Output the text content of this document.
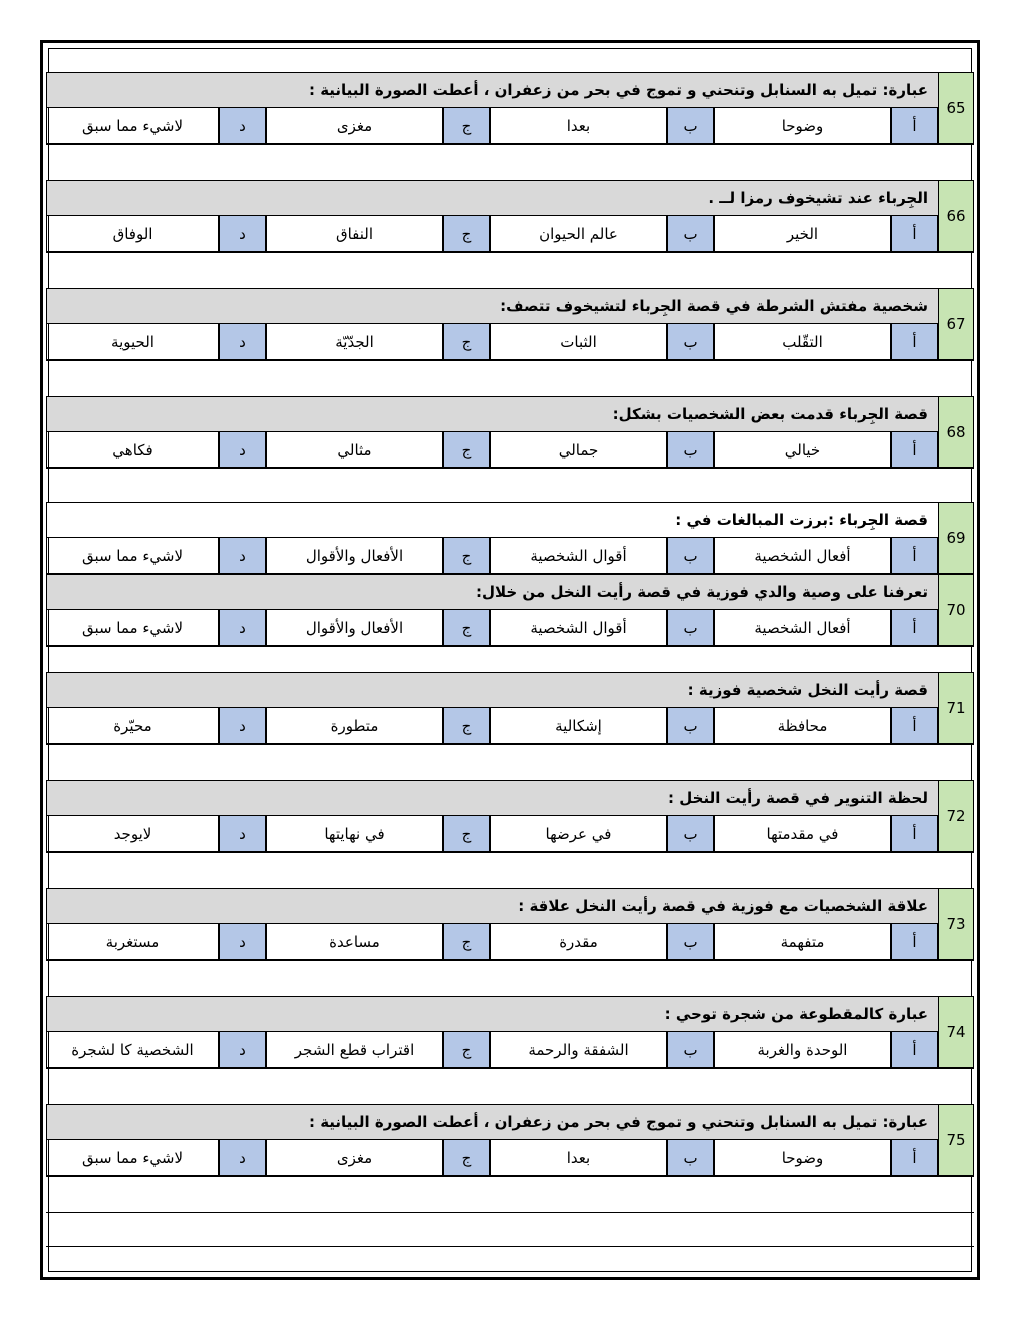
65
عبارة: تميل به السنابل وتنحني و تموج في بحر من زعفران ، أعطت الصورة البيانية :
أ
وضوحا
ب
بعدا
ج
مغزى
د
لاشيء مما سبق
66
الجِرباء عند تشيخوف رمزا لــ .
أ
الخير
ب
عالم الحيوان
ج
النفاق
د
الوفاق
67
شخصية مفتش الشرطة في قصة الجِرباء لتشيخوف تتصف:
أ
التقّلب
ب
الثبات
ج
الجدّيّة
د
الحيوية
68
قصة الجِرباء قدمت بعض الشخصيات بشكل:
أ
خيالي
ب
جمالي
ج
مثالي
د
فكاهي
69
قصة الجِرباء :برزت المبالغات في :
أ
أفعال الشخصية
ب
أقوال الشخصية
ج
الأفعال والأقوال
د
لاشيء مما سبق
70
تعرفنا على وصية والدي فوزية في قصة رأيت النخل من خلال:
أ
أفعال الشخصية
ب
أقوال الشخصية
ج
الأفعال والأقوال
د
لاشيء مما سبق
71
قصة رأيت النخل شخصية فوزية :
أ
محافظة
ب
إشكالية
ج
متطورة
د
محيّرة
72
لحظة التنوير في قصة رأيت النخل :
أ
في مقدمتها
ب
في عرضها
ج
في نهايتها
د
لايوجد
73
علاقة الشخصيات مع فوزية في قصة رأيت النخل علاقة :
أ
متفهمة
ب
مقدرة
ج
مساعدة
د
مستغربة
74
عبارة كالمقطوعة من شجرة توحي :
أ
الوحدة والغربة
ب
الشفقة والرحمة
ج
اقتراب قطع الشجر
د
الشخصية كا لشجرة
75
عبارة: تميل به السنابل وتنحني و تموج في بحر من زعفران ، أعطت الصورة البيانية :
أ
وضوحا
ب
بعدا
ج
مغزى
د
لاشيء مما سبق
